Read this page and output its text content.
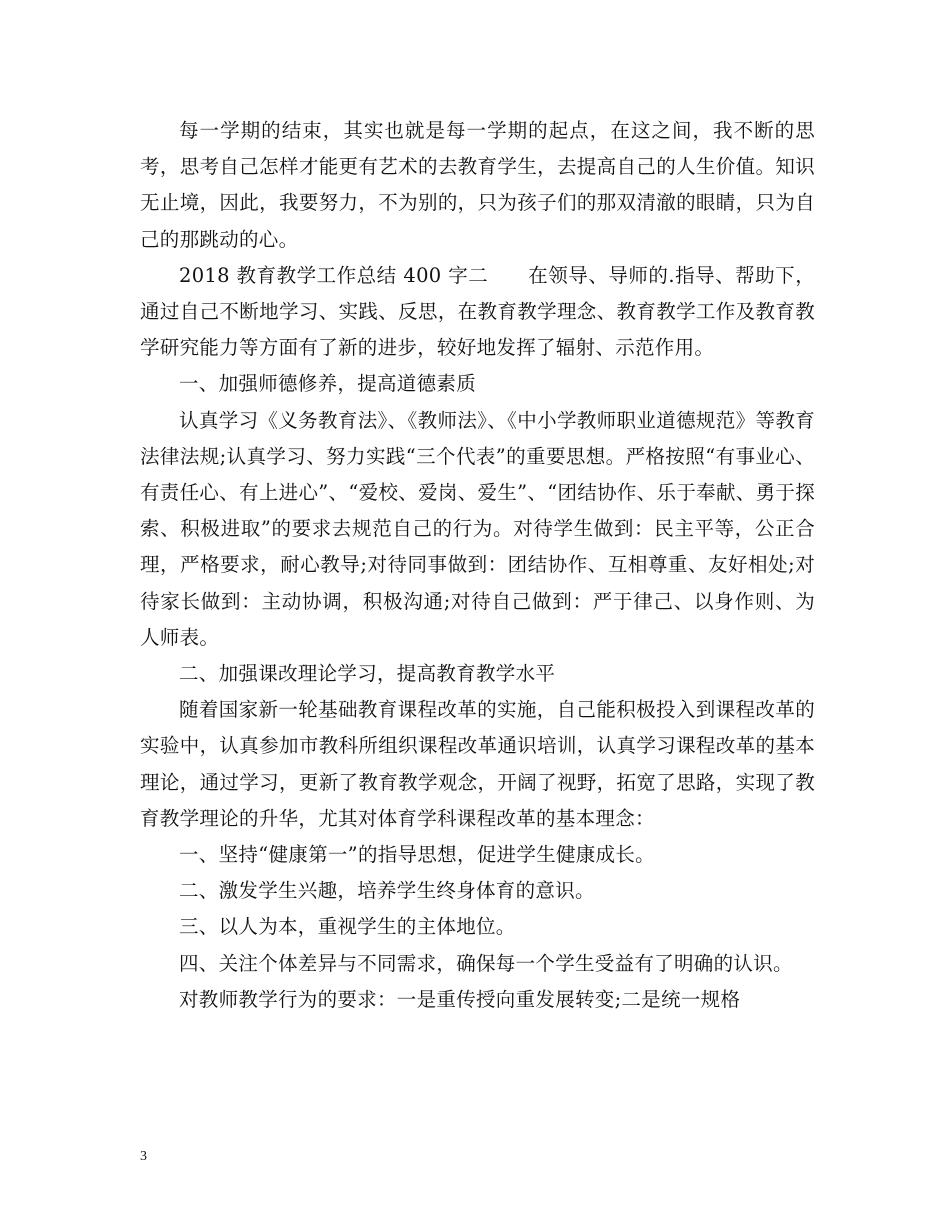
每一学期的结束，其实也就是每一学期的起点，在这之间，我不断的思考，思考自己怎样才能更有艺术的去教育学生，去提高自己的人生价值。知识无止境，因此，我要努力，不为别的，只为孩子们的那双清澈的眼睛，只为自己的那跳动的心。

2018 教育教学工作总结 400 字二　　在领导、导师的.指导、帮助下，通过自己不断地学习、实践、反思，在教育教学理念、教育教学工作及教育教学研究能力等方面有了新的进步，较好地发挥了辐射、示范作用。

一、加强师德修养，提高道德素质

认真学习《义务教育法》、《教师法》、《中小学教师职业道德规范》等教育法律法规;认真学习、努力实践“三个代表”的重要思想。严格按照“有事业心、有责任心、有上进心”、“爱校、爱岗、爱生”、“团结协作、乐于奉献、勇于探索、积极进取”的要求去规范自己的行为。对待学生做到：民主平等，公正合理，严格要求，耐心教导;对待同事做到：团结协作、互相尊重、友好相处;对待家长做到：主动协调，积极沟通;对待自己做到：严于律己、以身作则、为人师表。

二、加强课改理论学习，提高教育教学水平

随着国家新一轮基础教育课程改革的实施，自己能积极投入到课程改革的实验中，认真参加市教科所组织课程改革通识培训，认真学习课程改革的基本理论，通过学习，更新了教育教学观念，开阔了视野，拓宽了思路，实现了教育教学理论的升华，尤其对体育学科课程改革的基本理念：

一、坚持“健康第一”的指导思想，促进学生健康成长。

二、激发学生兴趣，培养学生终身体育的意识。

三、以人为本，重视学生的主体地位。

四、关注个体差异与不同需求，确保每一个学生受益有了明确的认识。

对教师教学行为的要求：一是重传授向重发展转变;二是统一规格

3
